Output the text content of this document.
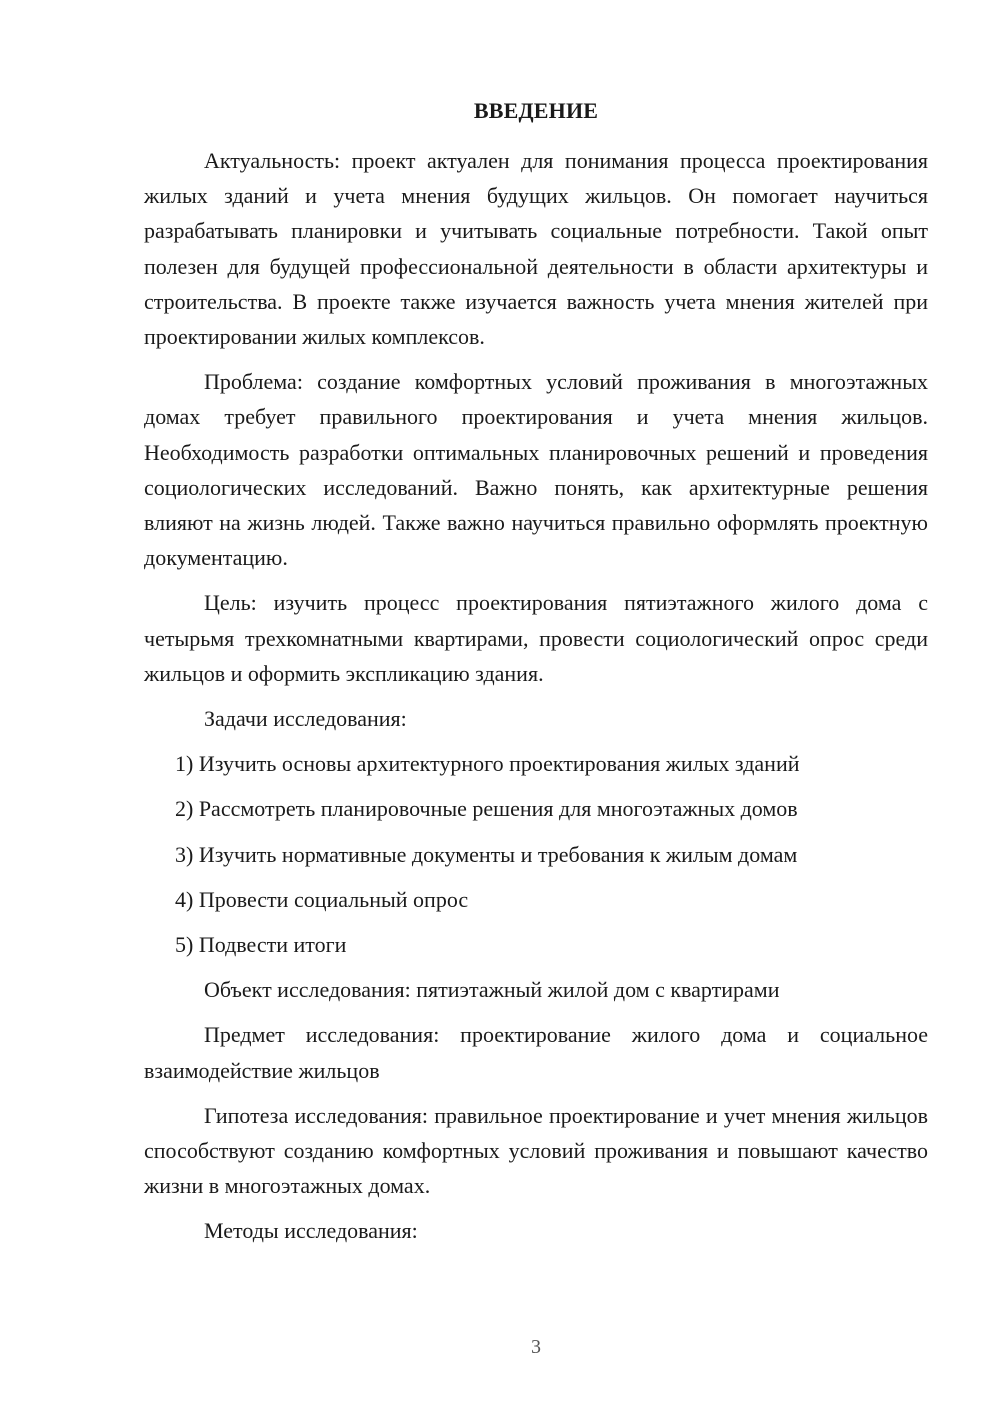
ВВЕДЕНИЕ

Актуальность: проект актуален для понимания процесса проектирования жилых зданий и учета мнения будущих жильцов. Он помогает научиться разрабатывать планировки и учитывать социальные потребности. Такой опыт полезен для будущей профессиональной деятельности в области архитектуры и строительства. В проекте также изучается важность учета мнения жителей при проектировании жилых комплексов.

Проблема: создание комфортных условий проживания в многоэтажных домах требует правильного проектирования и учета мнения жильцов. Необходимость разработки оптимальных планировочных решений и проведения социологических исследований. Важно понять, как архитектурные решения влияют на жизнь людей. Также важно научиться правильно оформлять проектную документацию.

Цель: изучить процесс проектирования пятиэтажного жилого дома с четырьмя трехкомнатными квартирами, провести социологический опрос среди жильцов и оформить экспликацию здания.

Задачи исследования:

1) Изучить основы архитектурного проектирования жилых зданий
2) Рассмотреть планировочные решения для многоэтажных домов
3) Изучить нормативные документы и требования к жилым домам
4) Провести социальный опрос
5) Подвести итоги

Объект исследования: пятиэтажный жилой дом с квартирами

Предмет исследования: проектирование жилого дома и социальное взаимодействие жильцов

Гипотеза исследования: правильное проектирование и учет мнения жильцов способствуют созданию комфортных условий проживания и повышают качество жизни в многоэтажных домах.

Методы исследования:

3
